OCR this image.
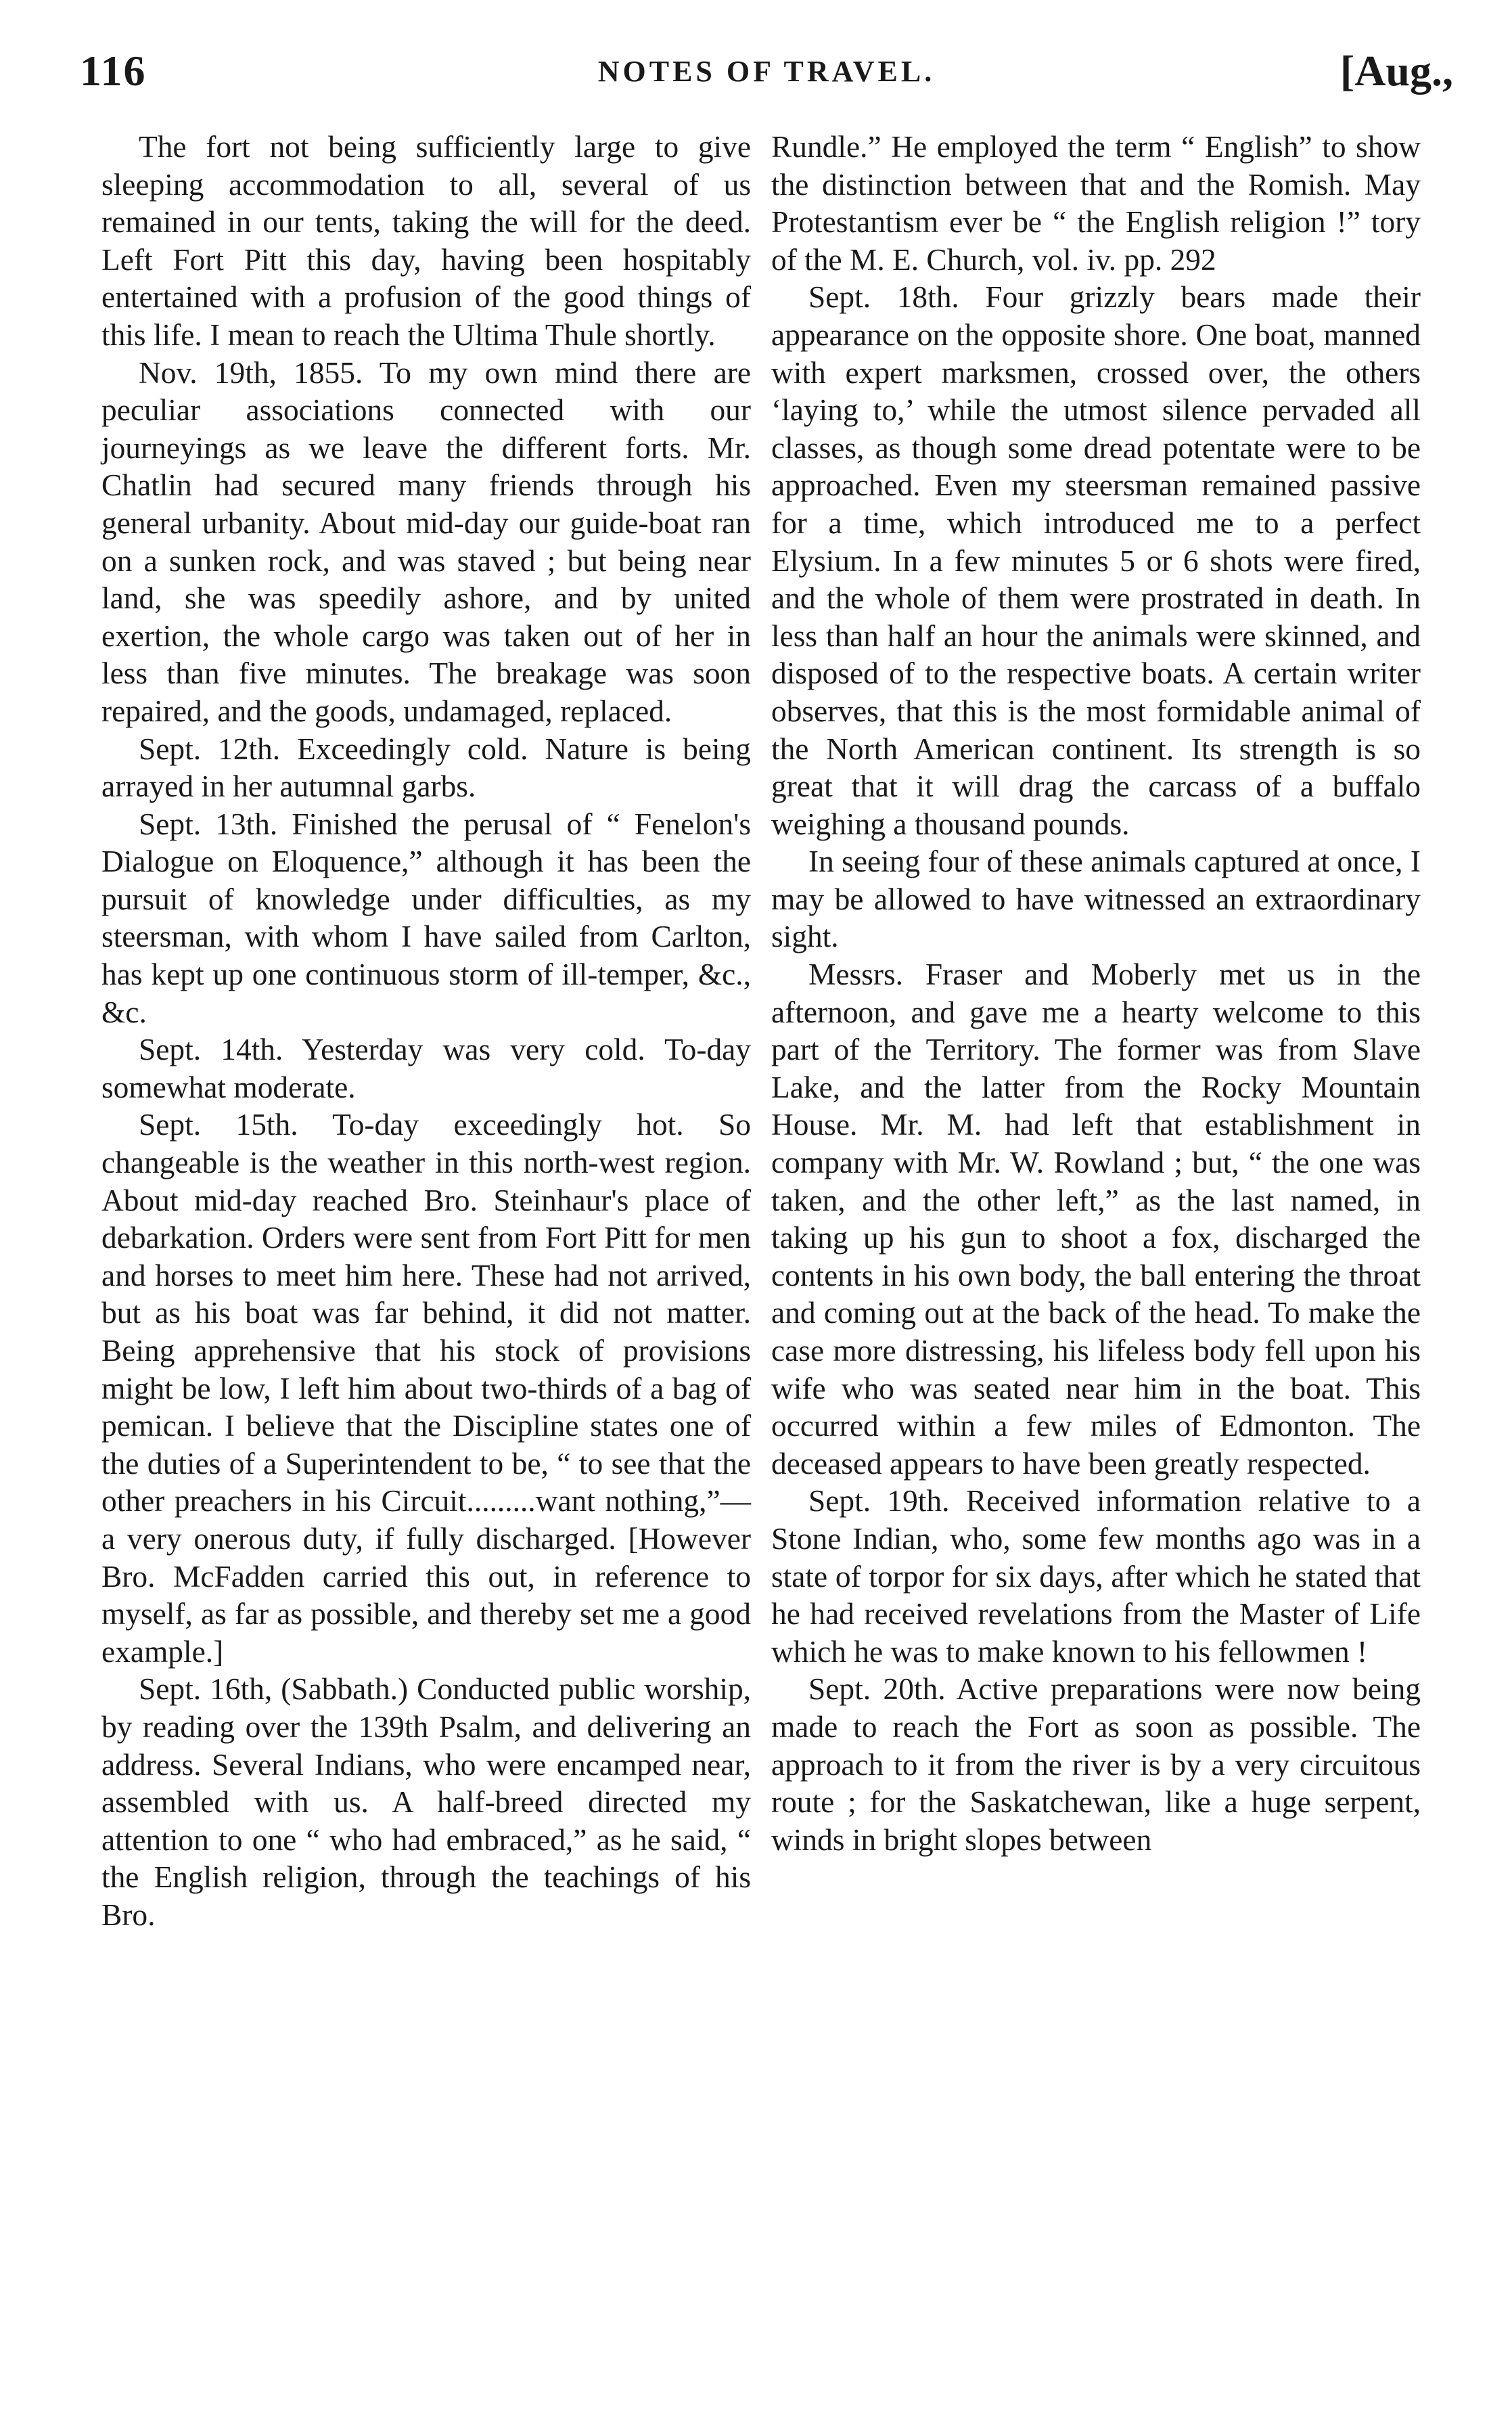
116	NOTES OF TRAVEL.	[Aug.,

The fort not being sufficiently large to give sleeping accommodation to all, several of us remained in our tents, taking the will for the deed. Left Fort Pitt this day, having been hospitably entertained with a profusion of the good things of this life. I mean to reach the Ultima Thule shortly.

Nov. 19th, 1855. To my own mind there are peculiar associations connected with our journeyings as we leave the different forts. Mr. Chatlin had secured many friends through his general urbanity. About mid-day our guide-boat ran on a sunken rock, and was staved ; but being near land, she was speedily ashore, and by united exertion, the whole cargo was taken out of her in less than five minutes. The breakage was soon repaired, and the goods, undamaged, replaced.

Sept. 12th. Exceedingly cold. Nature is being arrayed in her autumnal garbs.

Sept. 13th. Finished the perusal of “ Fenelon's Dialogue on Eloquence,” although it has been the pursuit of knowledge under difficulties, as my steersman, with whom I have sailed from Carlton, has kept up one continuous storm of ill-temper, &c., &c.

Sept. 14th. Yesterday was very cold. To-day somewhat moderate.

Sept. 15th. To-day exceedingly hot. So changeable is the weather in this north-west region. About mid-day reached Bro. Steinhaur's place of debarkation. Orders were sent from Fort Pitt for men and horses to meet him here. These had not arrived, but as his boat was far behind, it did not matter. Being apprehensive that his stock of provisions might be low, I left him about two-thirds of a bag of pemican. I believe that the Discipline states one of the duties of a Superintendent to be, “ to see that the other preachers in his Circuit.........want nothing,”—a very onerous duty, if fully discharged. [However Bro. McFadden carried this out, in reference to myself, as far as possible, and thereby set me a good example.]

Sept. 16th, (Sabbath.) Conducted public worship, by reading over the 139th Psalm, and delivering an address. Several Indians, who were encamped near, assembled with us. A half-breed directed my attention to one “ who had embraced,” as he said, “ the English religion, through the teachings of his Bro.

Rundle.” He employed the term “ English” to show the distinction between that and the Romish. May Protestantism ever be “ the English religion !” tory of the M. E. Church, vol. iv. pp. 292

Sept. 18th. Four grizzly bears made their appearance on the opposite shore. One boat, manned with expert marksmen, crossed over, the others ‘laying to,’ while the utmost silence pervaded all classes, as though some dread potentate were to be approached. Even my steersman remained passive for a time, which introduced me to a perfect Elysium. In a few minutes 5 or 6 shots were fired, and the whole of them were prostrated in death. In less than half an hour the animals were skinned, and disposed of to the respective boats. A certain writer observes, that this is the most formidable animal of the North American continent. Its strength is so great that it will drag the carcass of a buffalo weighing a thousand pounds.

In seeing four of these animals captured at once, I may be allowed to have witnessed an extraordinary sight.

Messrs. Fraser and Moberly met us in the afternoon, and gave me a hearty welcome to this part of the Territory. The former was from Slave Lake, and the latter from the Rocky Mountain House. Mr. M. had left that establishment in company with Mr. W. Rowland ; but, “ the one was taken, and the other left,” as the last named, in taking up his gun to shoot a fox, discharged the contents in his own body, the ball entering the throat and coming out at the back of the head. To make the case more distressing, his lifeless body fell upon his wife who was seated near him in the boat. This occurred within a few miles of Edmonton. The deceased appears to have been greatly respected.

Sept. 19th. Received information relative to a Stone Indian, who, some few months ago was in a state of torpor for six days, after which he stated that he had received revelations from the Master of Life which he was to make known to his fellowmen !

Sept. 20th. Active preparations were now being made to reach the Fort as soon as possible. The approach to it from the river is by a very circuitous route ; for the Saskatchewan, like a huge serpent, winds in bright slopes between
